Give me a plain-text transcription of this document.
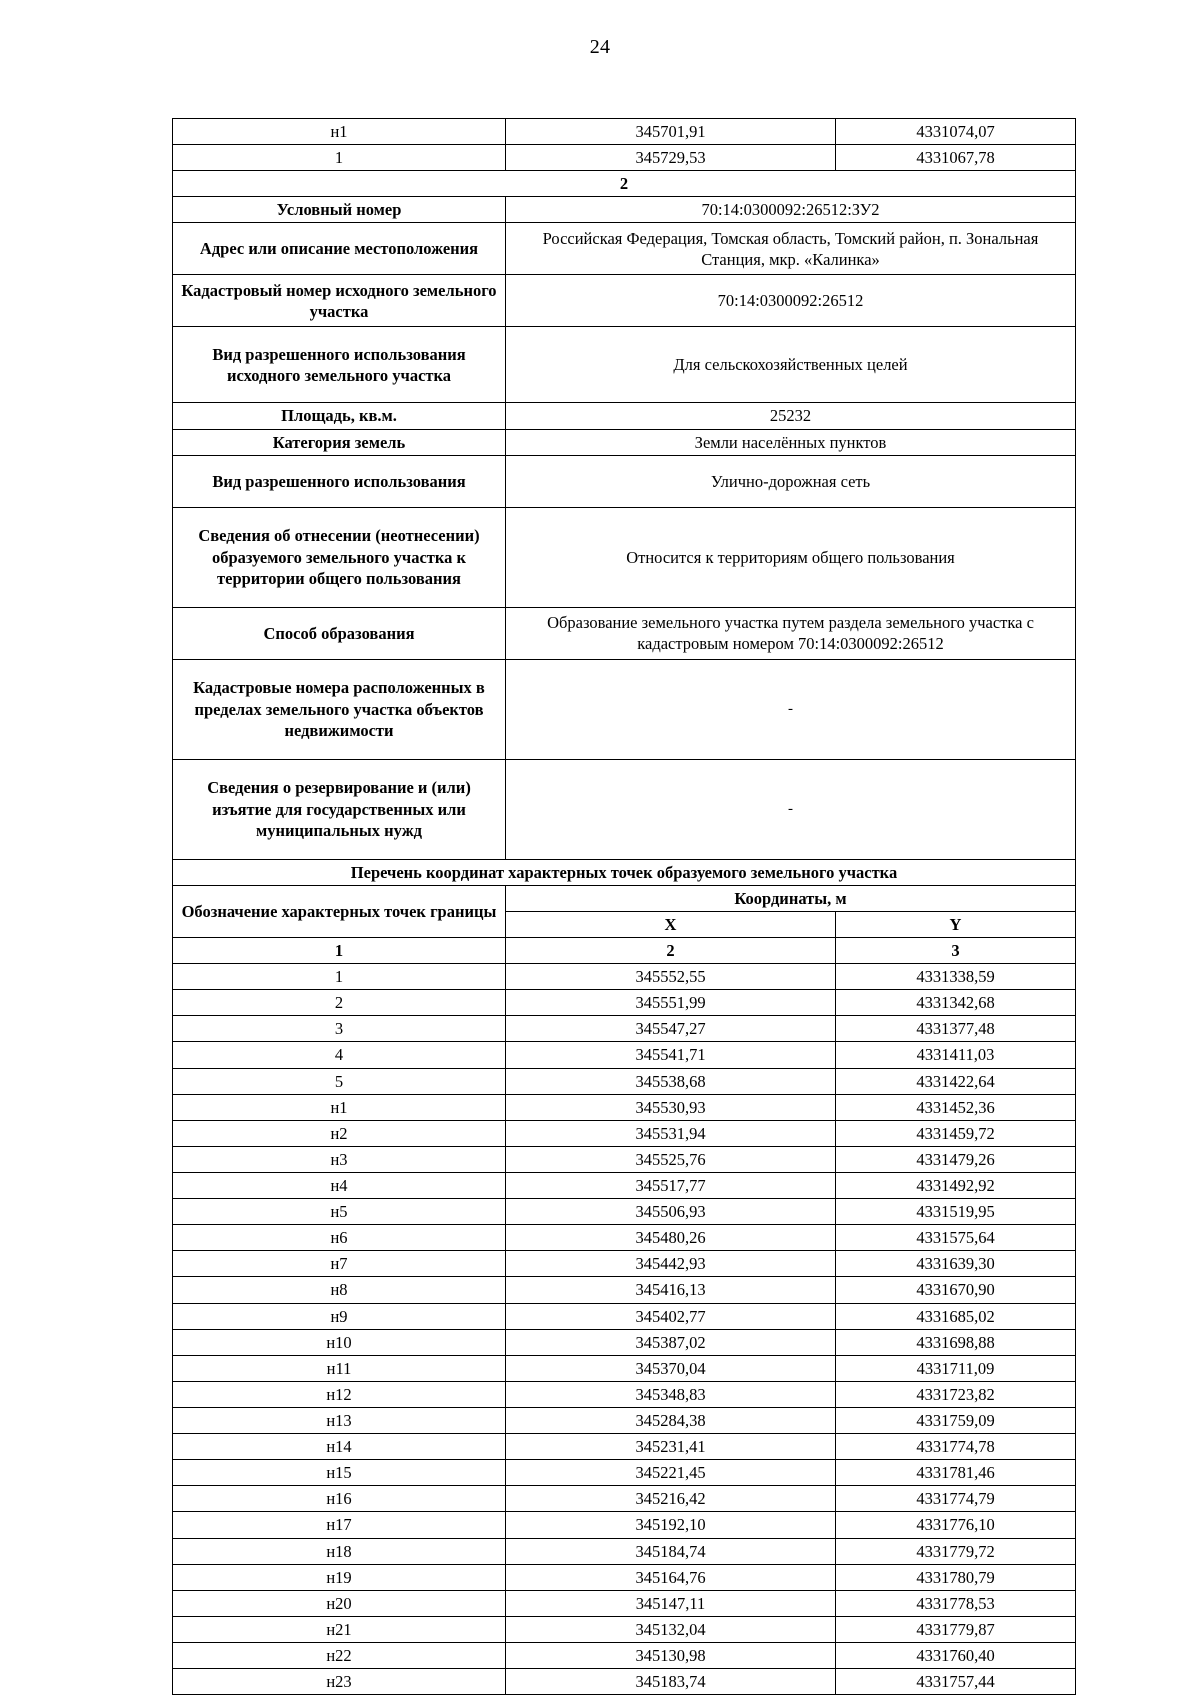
24
н1	345701,91	4331074,07
1	345729,53	4331067,78
2		
Условный номер	70:14:0300092:26512:ЗУ2	
Адрес или описание местоположения	Российская Федерация, Томская область, Томский район, п. Зональная Станция, мкр. «Калинка»	
Кадастровый номер исходного земельного участка	70:14:0300092:26512	
Вид разрешенного использования исходного земельного участка	Для сельскохозяйственных целей	
Площадь, кв.м.	25232	
Категория земель	Земли населённых пунктов	
Вид разрешенного использования	Улично-дорожная сеть	
Сведения об отнесении (неотнесении) образуемого земельного участка к территории общего пользования	Относится к территориям общего пользования	
Способ образования	Образование земельного участка путем раздела земельного участка с кадастровым номером 70:14:0300092:26512	
Кадастровые номера расположенных в пределах земельного участка объектов недвижимости	-	
Сведения о резервирование и (или) изъятие для государственных или муниципальных нужд	-	
Перечень координат характерных точек образуемого земельного участка		
Обозначение характерных точек границы	Координаты, м	
	X	Y
1	2	3
1	345552,55	4331338,59
2	345551,99	4331342,68
3	345547,27	4331377,48
4	345541,71	4331411,03
5	345538,68	4331422,64
н1	345530,93	4331452,36
н2	345531,94	4331459,72
н3	345525,76	4331479,26
н4	345517,77	4331492,92
н5	345506,93	4331519,95
н6	345480,26	4331575,64
н7	345442,93	4331639,30
н8	345416,13	4331670,90
н9	345402,77	4331685,02
н10	345387,02	4331698,88
н11	345370,04	4331711,09
н12	345348,83	4331723,82
н13	345284,38	4331759,09
н14	345231,41	4331774,78
н15	345221,45	4331781,46
н16	345216,42	4331774,79
н17	345192,10	4331776,10
н18	345184,74	4331779,72
н19	345164,76	4331780,79
н20	345147,11	4331778,53
н21	345132,04	4331779,87
н22	345130,98	4331760,40
н23	345183,74	4331757,44
